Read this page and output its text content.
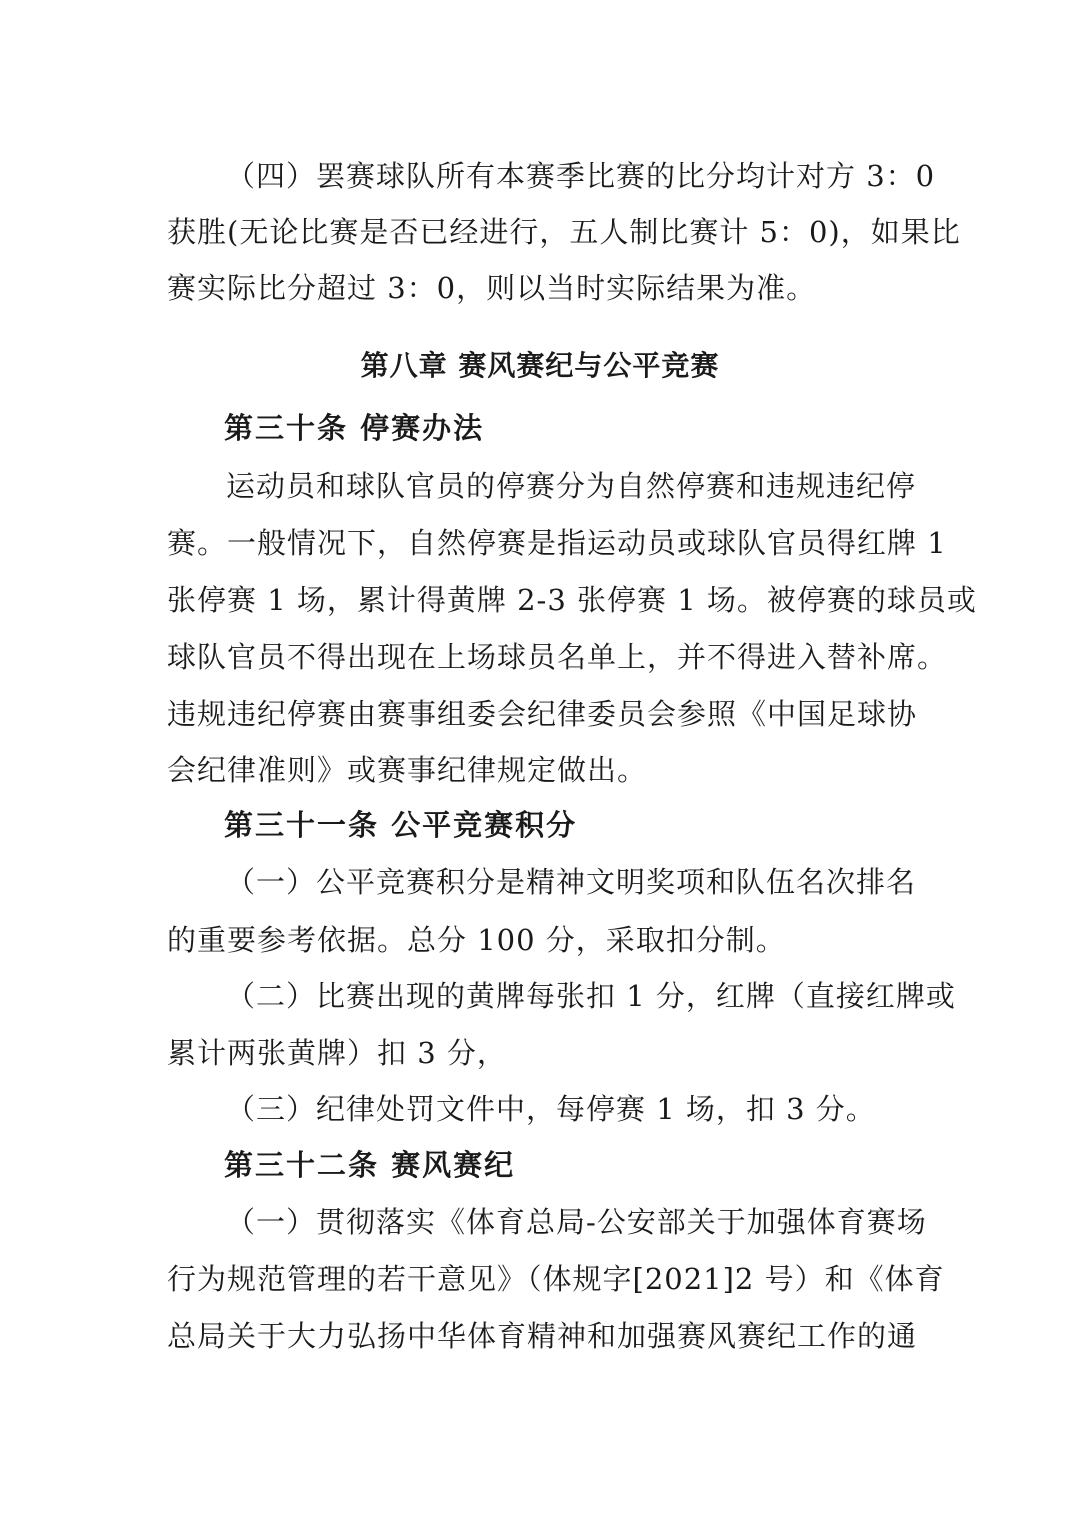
（四）罢赛球队所有本赛季比赛的比分均计对方 3：0
获胜(无论比赛是否已经进行，五人制比赛计 5：0)，如果比
赛实际比分超过 3：0，则以当时实际结果为准。
第八章 赛风赛纪与公平竞赛
第三十条 停赛办法
运动员和球队官员的停赛分为自然停赛和违规违纪停
赛。一般情况下，自然停赛是指运动员或球队官员得红牌 1
张停赛 1 场，累计得黄牌 2-3 张停赛 1 场。被停赛的球员或
球队官员不得出现在上场球员名单上，并不得进入替补席。
违规违纪停赛由赛事组委会纪律委员会参照《中国足球协
会纪律准则》或赛事纪律规定做出。
第三十一条 公平竞赛积分
（一）公平竞赛积分是精神文明奖项和队伍名次排名
的重要参考依据。总分 100 分，采取扣分制。
（二）比赛出现的黄牌每张扣 1 分，红牌（直接红牌或
累计两张黄牌）扣 3 分，
（三）纪律处罚文件中，每停赛 1 场，扣 3 分。
第三十二条 赛风赛纪
（一）贯彻落实《体育总局-公安部关于加强体育赛场
行为规范管理的若干意见》（体规字[2021]2 号）和《体育
总局关于大力弘扬中华体育精神和加强赛风赛纪工作的通
